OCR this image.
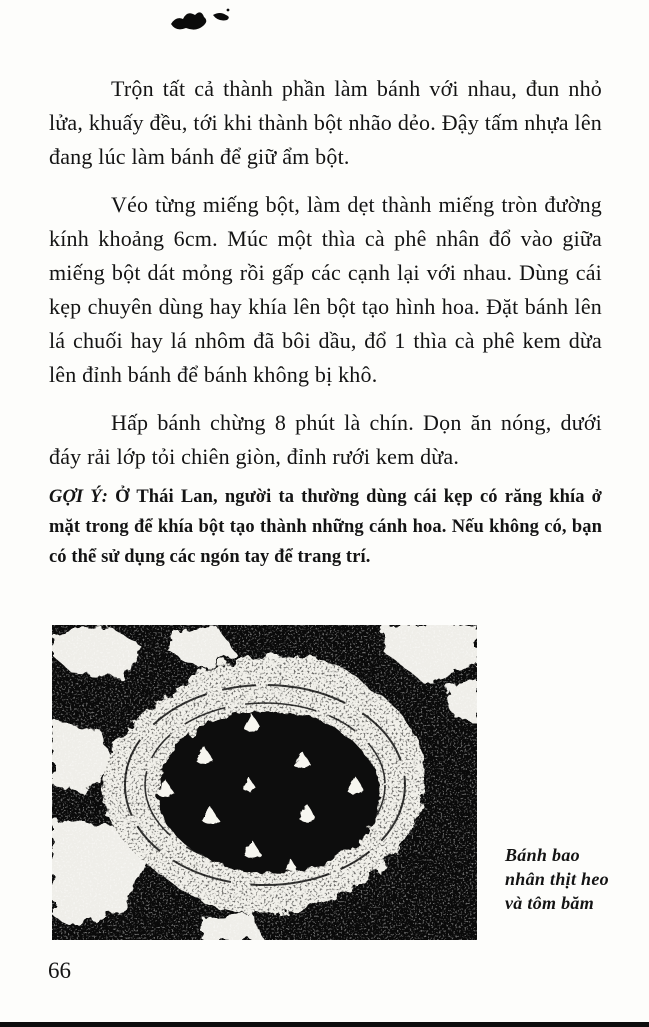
Trộn tất cả thành phần làm bánh với nhau, đun nhỏ lửa, khuấy đều, tới khi thành bột nhão dẻo. Đậy tấm nhựa lên đang lúc làm bánh để giữ ẩm bột.

Véo từng miếng bột, làm dẹt thành miếng tròn đường kính khoảng 6cm. Múc một thìa cà phê nhân đổ vào giữa miếng bột dát mỏng rồi gấp các cạnh lại với nhau. Dùng cái kẹp chuyên dùng hay khía lên bột tạo hình hoa. Đặt bánh lên lá chuối hay lá nhôm đã bôi dầu, đổ 1 thìa cà phê kem dừa lên đỉnh bánh để bánh không bị khô.

Hấp bánh chừng 8 phút là chín. Dọn ăn nóng, dưới đáy rải lớp tỏi chiên giòn, đỉnh rưới kem dừa.

GỢI Ý: Ở Thái Lan, người ta thường dùng cái kẹp có răng khía ở mặt trong để khía bột tạo thành những cánh hoa. Nếu không có, bạn có thể sử dụng các ngón tay để trang trí.

Bánh bao nhân thịt heo và tôm băm
66
